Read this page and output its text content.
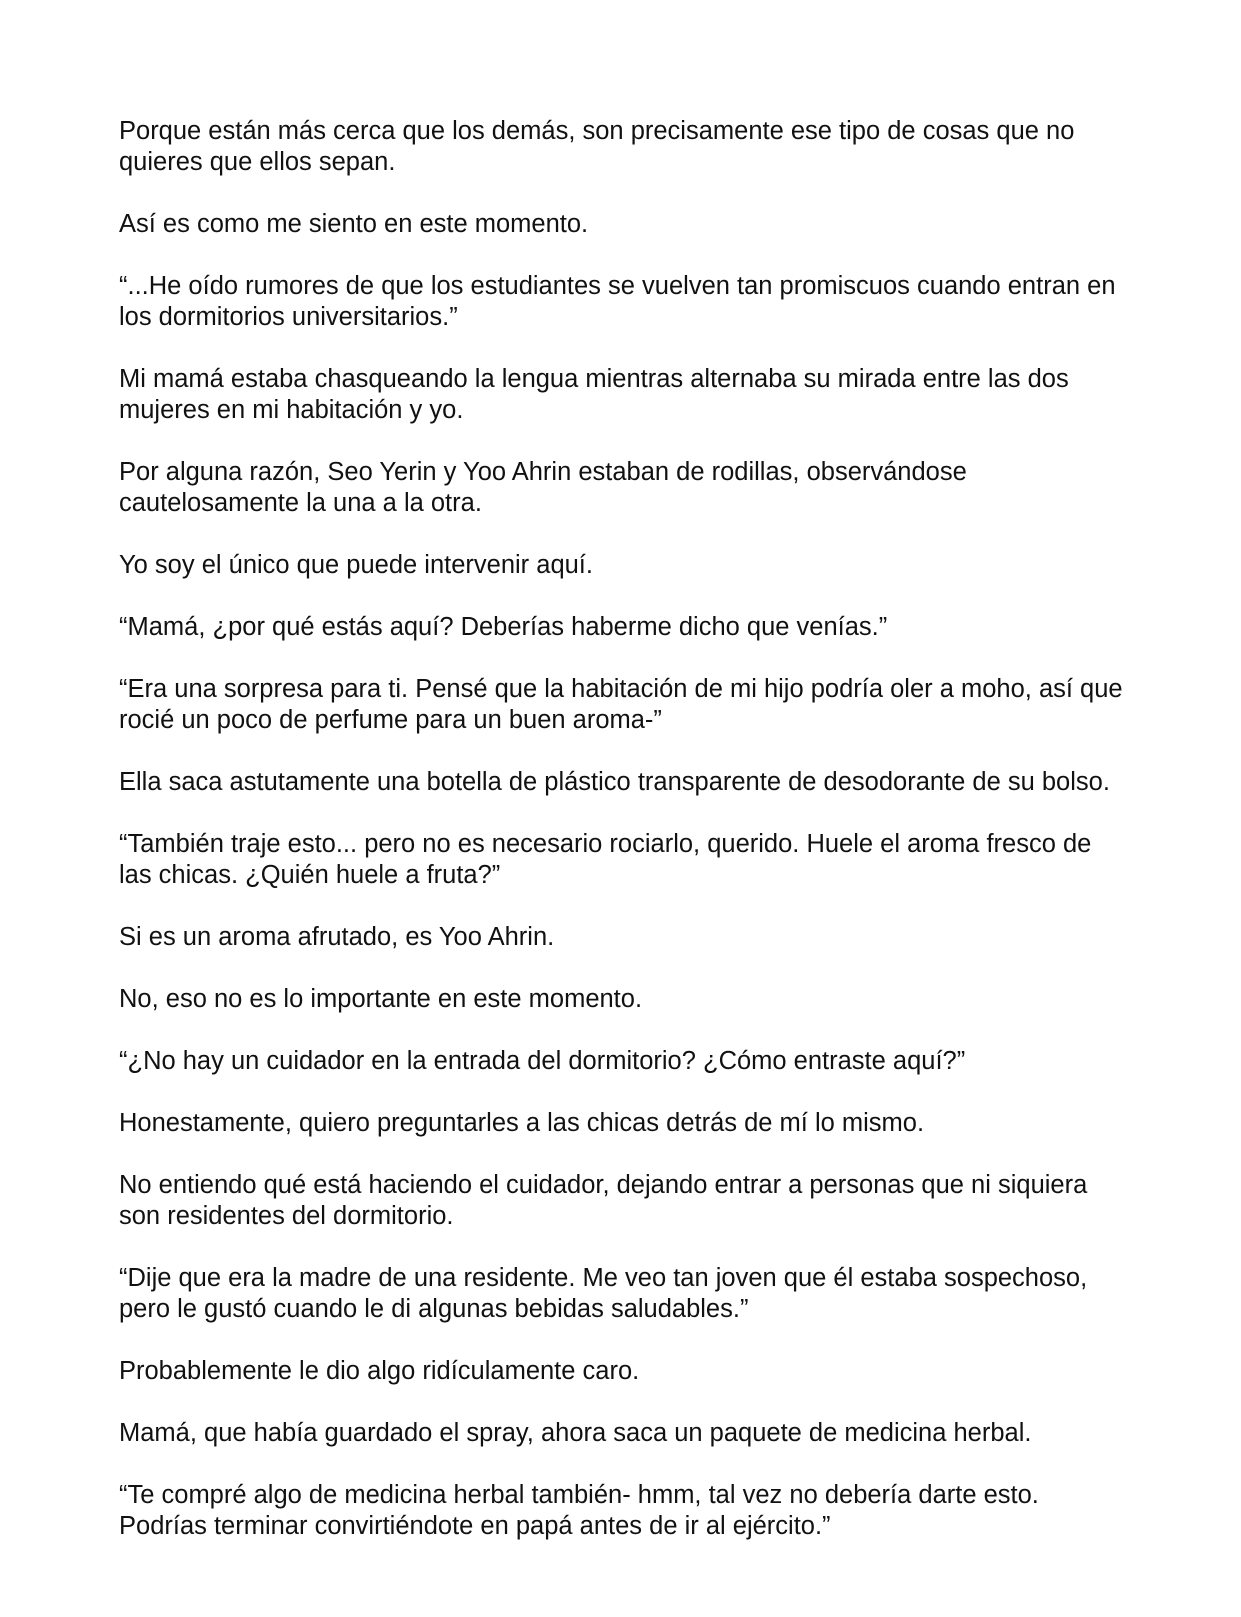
Porque están más cerca que los demás, son precisamente ese tipo de cosas que no quieres que ellos sepan.

Así es como me siento en este momento.

“...He oído rumores de que los estudiantes se vuelven tan promiscuos cuando entran en los dormitorios universitarios.”

Mi mamá estaba chasqueando la lengua mientras alternaba su mirada entre las dos mujeres en mi habitación y yo.

Por alguna razón, Seo Yerin y Yoo Ahrin estaban de rodillas, observándose cautelosamente la una a la otra.

Yo soy el único que puede intervenir aquí.

“Mamá, ¿por qué estás aquí? Deberías haberme dicho que venías.”

“Era una sorpresa para ti. Pensé que la habitación de mi hijo podría oler a moho, así que rocié un poco de perfume para un buen aroma-”

Ella saca astutamente una botella de plástico transparente de desodorante de su bolso.

“También traje esto... pero no es necesario rociarlo, querido. Huele el aroma fresco de las chicas. ¿Quién huele a fruta?”

Si es un aroma afrutado, es Yoo Ahrin.

No, eso no es lo importante en este momento.

“¿No hay un cuidador en la entrada del dormitorio? ¿Cómo entraste aquí?”

Honestamente, quiero preguntarles a las chicas detrás de mí lo mismo.

No entiendo qué está haciendo el cuidador, dejando entrar a personas que ni siquiera son residentes del dormitorio.

“Dije que era la madre de una residente. Me veo tan joven que él estaba sospechoso, pero le gustó cuando le di algunas bebidas saludables.”

Probablemente le dio algo ridículamente caro.

Mamá, que había guardado el spray, ahora saca un paquete de medicina herbal.

“Te compré algo de medicina herbal también- hmm, tal vez no debería darte esto. Podrías terminar convirtiéndote en papá antes de ir al ejército.”
